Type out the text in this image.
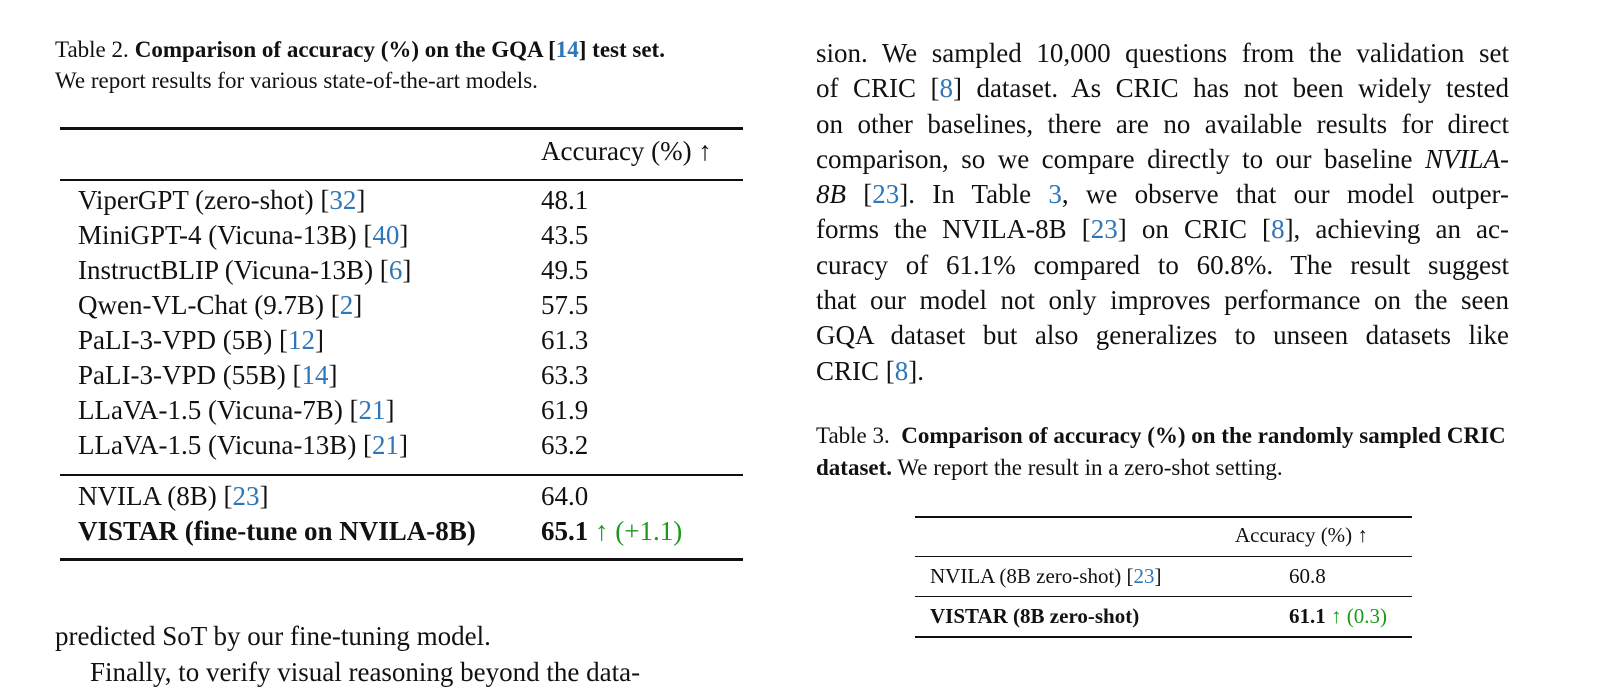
Table 2. Comparison of accuracy (%) on the GQA [14] test set.
We report results for various state-of-the-art models.
Accuracy (%) ↑
ViperGPT (zero-shot) [32]	48.1
MiniGPT-4 (Vicuna-13B) [40]	43.5
InstructBLIP (Vicuna-13B) [6]	49.5
Qwen-VL-Chat (9.7B) [2]	57.5
PaLI-3-VPD (5B) [12]	61.3
PaLI-3-VPD (55B) [14]	63.3
LLaVA-1.5 (Vicuna-7B) [21]	61.9
LLaVA-1.5 (Vicuna-13B) [21]	63.2
NVILA (8B) [23]	64.0
VISTAR (fine-tune on NVILA-8B) 65.1 ↑ (+1.1)
predicted SoT by our fine-tuning model.
Finally, to verify visual reasoning beyond the data-
sion. We sampled 10,000 questions from the validation set
of CRIC [8] dataset. As CRIC has not been widely tested
on other baselines, there are no available results for direct
comparison, so we compare directly to our baseline NVILA-
8B [23]. In Table 3, we observe that our model outper-
forms the NVILA-8B [23] on CRIC [8], achieving an ac-
curacy of 61.1% compared to 60.8%. The result suggest
that our model not only improves performance on the seen
GQA dataset but also generalizes to unseen datasets like
CRIC [8].
Table 3. Comparison of accuracy (%) on the randomly sampled CRIC dataset. We report the result in a zero-shot setting.
Accuracy (%) ↑
NVILA (8B zero-shot) [23]	60.8
VISTAR (8B zero-shot)	61.1 ↑ (0.3)
